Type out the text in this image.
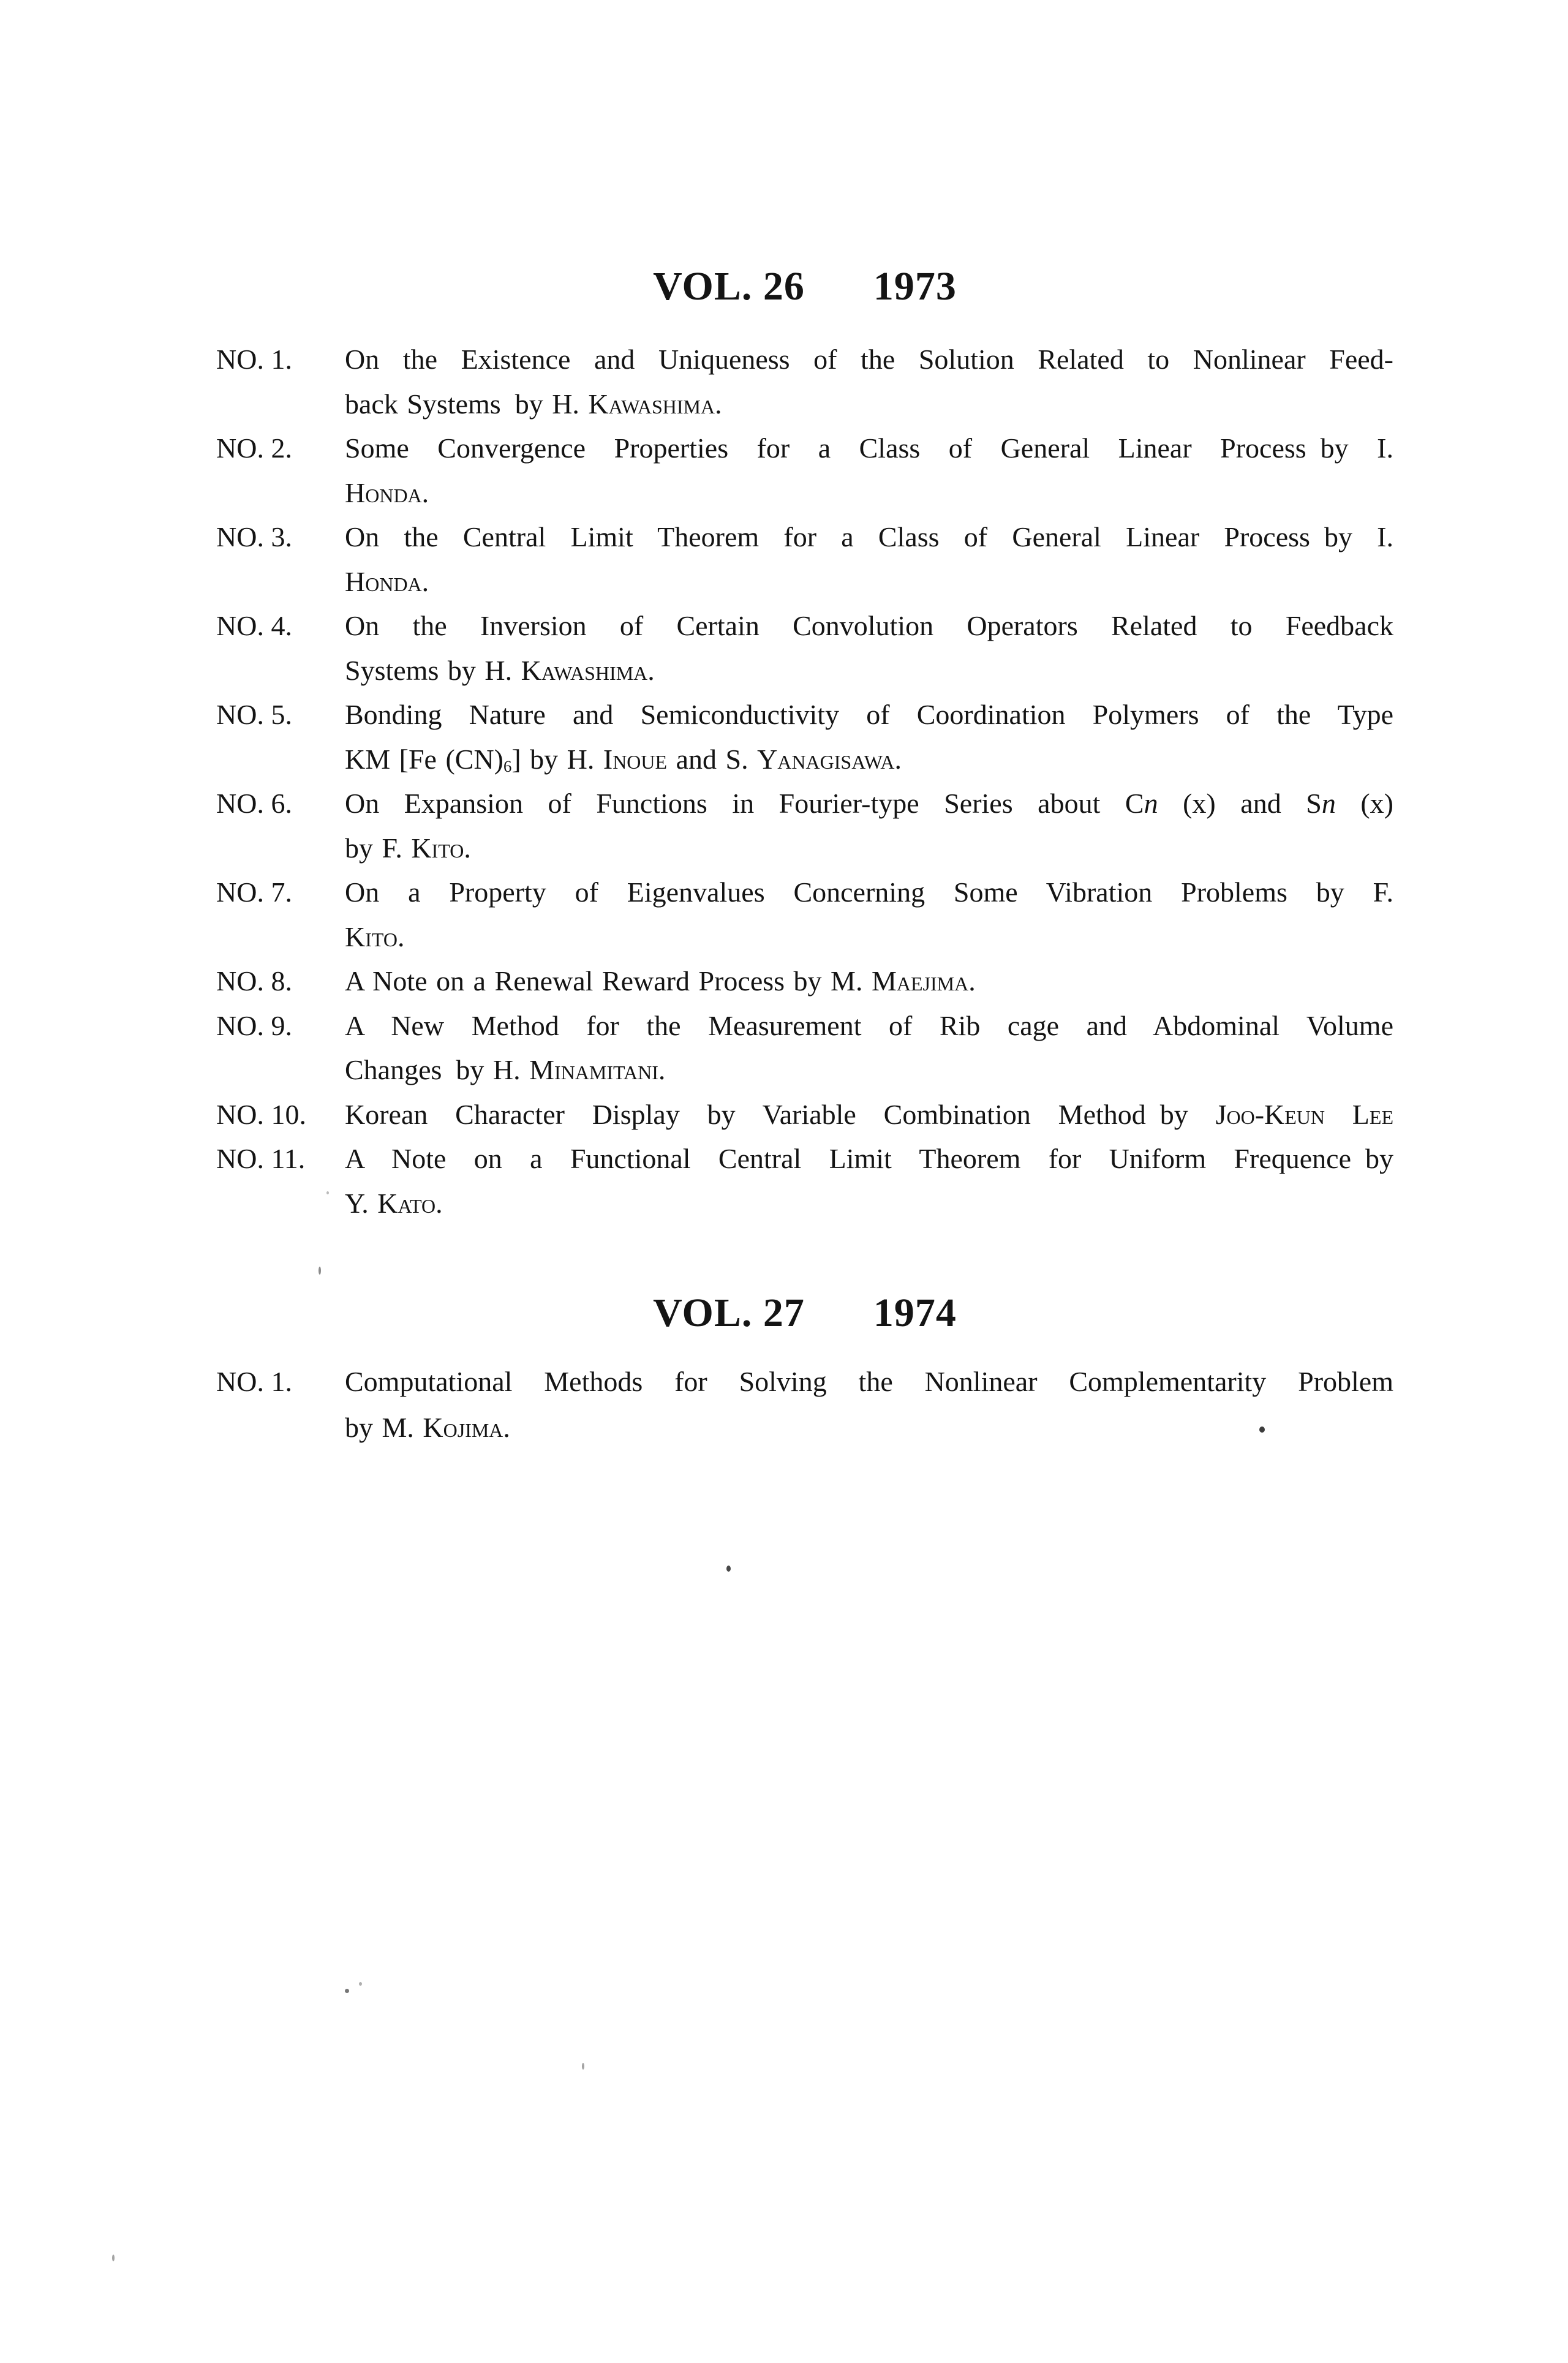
VOL. 26 1973
NO. 1.	On the Existence and Uniqueness of the Solution Related to Nonlinear Feed-
back Systems by H. Kawashima.
NO. 2.	Some Convergence Properties for a Class of General Linear Process by I.
Honda.
NO. 3.	On the Central Limit Theorem for a Class of General Linear Process by I.
Honda.
NO. 4.	On the Inversion of Certain Convolution Operators Related to Feedback
Systems by H. Kawashima.
NO. 5.	Bonding Nature and Semiconductivity of Coordination Polymers of the Type
KM [Fe (CN)6] by H. Inoue and S. Yanagisawa.
NO. 6.	On Expansion of Functions in Fourier-type Series about Cn (x) and Sn (x)
by F. Kito.
NO. 7.	On a Property of Eigenvalues Concerning Some Vibration Problems by F.
Kito.
NO. 8.	A Note on a Renewal Reward Process by M. Maejima.
NO. 9.	A New Method for the Measurement of Rib cage and Abdominal Volume
Changes by H. Minamitani.
NO. 10.	Korean Character Display by Variable Combination Method by Joo-Keun Lee
NO. 11.	A Note on a Functional Central Limit Theorem for Uniform Frequence by
Y. Kato.
VOL. 27 1974
NO. 1.	Computational Methods for Solving the Nonlinear Complementarity Problem
by M. Kojima.
